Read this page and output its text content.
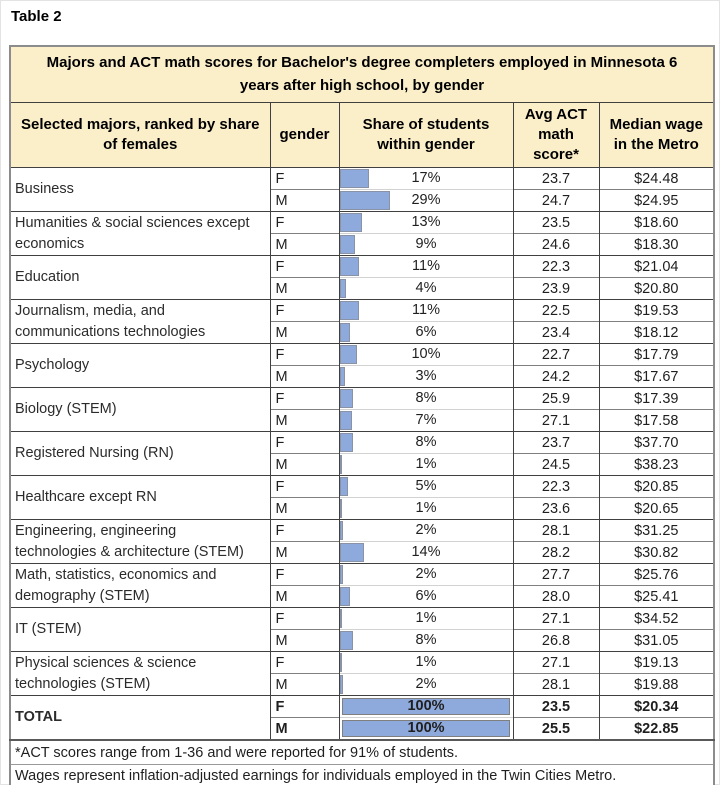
Table 2
Majors and ACT math scores for Bachelor's degree completers employed in Minnesota 6 years after high school, by gender				
Selected majors, ranked by share of females	gender	Share of students within gender	Avg ACT math score*	Median wage in the Metro
Business	F	17%	23.7	$24.48
	M	29%	24.7	$24.95
Humanities & social sciences except economics	F	13%	23.5	$18.60
	M	9%	24.6	$18.30
Education	F	11%	22.3	$21.04
	M	4%	23.9	$20.80
Journalism, media, and communications technologies	F	11%	22.5	$19.53
	M	6%	23.4	$18.12
Psychology	F	10%	22.7	$17.79
	M	3%	24.2	$17.67
Biology (STEM)	F	8%	25.9	$17.39
	M	7%	27.1	$17.58
Registered Nursing (RN)	F	8%	23.7	$37.70
	M	1%	24.5	$38.23
Healthcare except RN	F	5%	22.3	$20.85
	M	1%	23.6	$20.65
Engineering, engineering technologies & architecture (STEM)	F	2%	28.1	$31.25
	M	14%	28.2	$30.82
Math, statistics, economics and demography (STEM)	F	2%	27.7	$25.76
	M	6%	28.0	$25.41
IT (STEM)	F	1%	27.1	$34.52
	M	8%	26.8	$31.05
Physical sciences & science technologies (STEM)	F	1%	27.1	$19.13
	M	2%	28.1	$19.88
TOTAL	F	100%	23.5	$20.34
	M	100%	25.5	$22.85
*ACT scores range from 1-36 and were reported for 91% of students.				
Wages represent inflation-adjusted earnings for individuals employed in the Twin Cities Metro.				
